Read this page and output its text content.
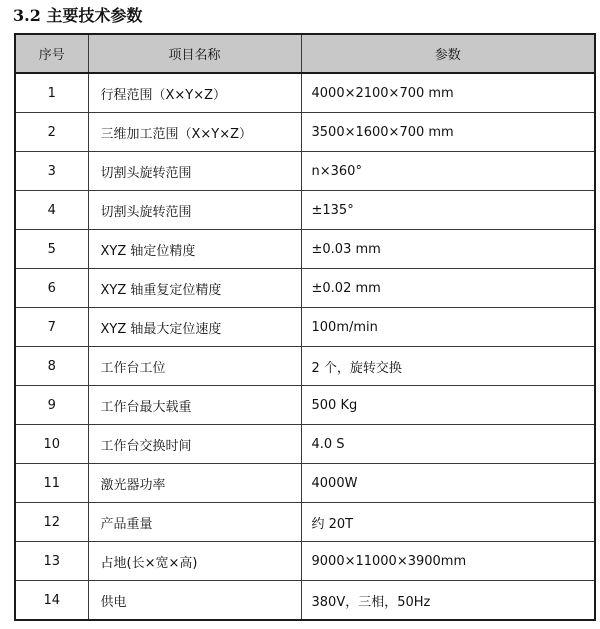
3.2 主要技术参数
序号	项目名称	参数
1	行程范围（X×Y×Z）	4000×2100×700 mm
2	三维加工范围（X×Y×Z）	3500×1600×700 mm
3	切割头旋转范围	n×360°
4	切割头旋转范围	±135°
5	XYZ 轴定位精度	±0.03 mm
6	XYZ 轴重复定位精度	±0.02 mm
7	XYZ 轴最大定位速度	100m/min
8	工作台工位	2 个，旋转交换
9	工作台最大载重	500 Kg
10	工作台交换时间	4.0 S
11	激光器功率	4000W
12	产品重量	约 20T
13	占地(长×宽×高)	9000×11000×3900mm
14	供电	380V，三相，50Hz
